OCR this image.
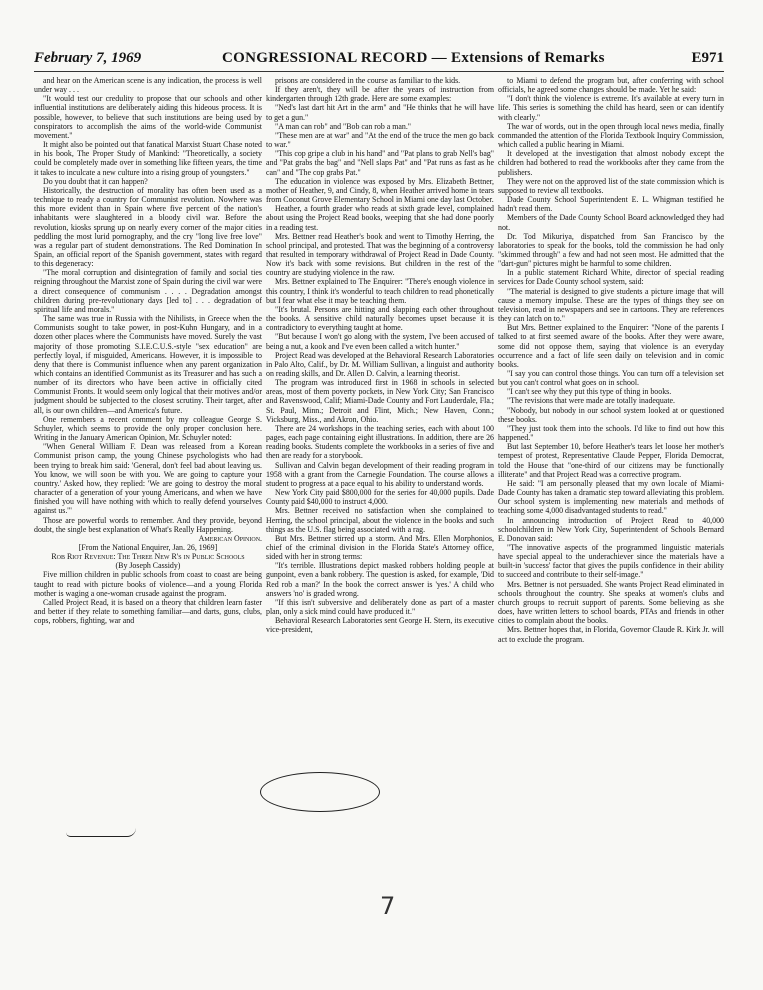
February 7, 1969	CONGRESSIONAL RECORD — Extensions of Remarks	E971

and hear on the American scene is any indication, the process is well under way . . .

"It would test our credulity to propose that our schools and other influential institutions are deliberately aiding this hideous process. It is possible, however, to believe that such institutions are being used by conspirators to accomplish the aims of the world-wide Communist movement."

It might also be pointed out that fanatical Marxist Stuart Chase noted in his book, The Proper Study of Mankind: "Theoretically, a society could be completely made over in something like fifteen years, the time it takes to inculcate a new culture into a rising group of youngsters."

Do you doubt that it can happen?

Historically, the destruction of morality has often been used as a technique to ready a country for Communist revolution. Nowhere was this more evident than in Spain where five percent of the nation's inhabitants were slaughtered in a bloody civil war. Before the revolution, kiosks sprung up on nearly every corner of the major cities peddling the most lurid pornography, and the cry "long live free love" was a regular part of student demonstrations. The Red Domination In Spain, an official report of the Spanish government, states with regard to this degeneracy:

"The moral corruption and disintegration of family and social ties reigning throughout the Marxist zone of Spain during the civil war were a direct consequence of communism . . . . Degradation amongst children during pre-revolutionary days [led to] . . . degradation of spiritual life and morals."

The same was true in Russia with the Nihilists, in Greece when the Communists sought to take power, in post-Kuhn Hungary, and in a dozen other places where the Communists have moved. Surely the vast majority of those promoting S.I.E.C.U.S.-style "sex education" are perfectly loyal, if misguided, Americans. However, it is impossible to deny that there is Communist influence when any parent organization which contains an identified Communist as its Treasurer and has such a number of its directors who have been active in officially cited Communist Fronts. It would seem only logical that their motives and/or judgment should be subjected to the closest scrutiny. Their target, after all, is our own children—and America's future.

One remembers a recent comment by my colleague George S. Schuyler, which seems to provide the only proper conclusion here. Writing in the January American Opinion, Mr. Schuyler noted:

"When General William F. Dean was released from a Korean Communist prison camp, the young Chinese psychologists who had been trying to break him said: 'General, don't feel bad about leaving us. You know, we will soon be with you. We are going to capture your country.' Asked how, they replied: 'We are going to destroy the moral character of a generation of your young Americans, and when we have finished you will have nothing with which to really defend yourselves against us.'"

Those are powerful words to remember. And they provide, beyond doubt, the single best explanation of What's Really Happening.

American Opinion.

[From the National Enquirer, Jan. 26, 1969]

Rob Riot Revenue: The Three New R's in Public Schools

(By Joseph Cassidy)

Five million children in public schools from coast to coast are being taught to read with picture books of violence—and a young Florida mother is waging a one-woman crusade against the program.

Called Project Read, it is based on a theory that children learn faster and better if they relate to something familiar—and darts, guns, clubs, cops, robbers, fighting, war and

prisons are considered in the course as familiar to the kids.

If they aren't, they will be after the years of instruction from kindergarten through 12th grade. Here are some examples:

"Ned's last dart hit Art in the arm" and "He thinks that he will have to get a gun."

"A man can rob" and "Bob can rob a man."

"These men are at war" and "At the end of the truce the men go back to war."

"This cop gripe a club in his hand" and "Pat plans to grab Nell's bag" and "Pat grabs the bag" and "Nell slaps Pat" and "Pat runs as fast as he can" and "The cop grabs Pat."

The education in violence was exposed by Mrs. Elizabeth Bettner, mother of Heather, 9, and Cindy, 8, when Heather arrived home in tears from Coconut Grove Elementary School in Miami one day last October.

Heather, a fourth grader who reads at sixth grade level, complained about using the Project Read books, weeping that she had done poorly in a reading test.

Mrs. Bettner read Heather's book and went to Timothy Herring, the school principal, and protested. That was the beginning of a controversy that resulted in temporary withdrawal of Project Read in Dade County. Now it's back with some revisions. But children in the rest of the country are studying violence in the raw.

Mrs. Bettner explained to The Enquirer: "There's enough violence in this country, I think it's wonderful to teach children to read phonetically but I fear what else it may be teaching them.

"It's brutal. Persons are hitting and slapping each other throughout the books. A sensitive child naturally becomes upset because it is contradictory to everything taught at home.

"But because I won't go along with the system, I've been accused of being a nut, a kook and I've even been called a witch hunter."

Project Read was developed at the Behavioral Research Laboratories in Palo Alto, Calif., by Dr. M. William Sullivan, a linguist and authority on reading skills, and Dr. Allen D. Calvin, a learning theorist.

The program was introduced first in 1968 in schools in selected areas, most of them poverty pockets, in New York City; San Francisco and Ravenswood, Calif; Miami-Dade County and Fort Lauderdale, Fla.; St. Paul, Minn.; Detroit and Flint, Mich.; New Haven, Conn.; Vicksburg, Miss., and Akron, Ohio.

There are 24 workshops in the teaching series, each with about 100 pages, each page containing eight illustrations. In addition, there are 26 reading books. Students complete the workbooks in a series of five and then are ready for a storybook.

Sullivan and Calvin began development of their reading program in 1958 with a grant from the Carnegie Foundation. The course allows a student to progress at a pace equal to his ability to understand words.

New York City paid $800,000 for the series for 40,000 pupils. Dade County paid $40,000 to instruct 4,000.

Mrs. Bettner received no satisfaction when she complained to Herring, the school principal, about the violence in the books and such things as the U.S. flag being associated with a rag.

But Mrs. Bettner stirred up a storm. And Mrs. Ellen Morphonios, chief of the criminal division in the Florida State's Attorney office, sided with her in strong terms:

"It's terrible. Illustrations depict masked robbers holding people at gunpoint, even a bank robbery. The question is asked, for example, 'Did Red rob a man?' In the book the correct answer is 'yes.' A child who answers 'no' is graded wrong.

"If this isn't subversive and deliberately done as part of a master plan, only a sick mind could have produced it."

Behavioral Research Laboratories sent George H. Stern, its executive vice-president,

to Miami to defend the program but, after conferring with school officials, he agreed some changes should be made. Yet he said:

"I don't think the violence is extreme. It's available at every turn in life. This series is something the child has heard, seen or can identify with clearly."

The war of words, out in the open through local news media, finally commanded the attention of the Florida Textbook Inquiry Commission, which called a public hearing in Miami.

It developed at the investigation that almost nobody except the children had bothered to read the workbooks after they came from the publishers.

They were not on the approved list of the state commission which is supposed to review all textbooks.

Dade County School Superintendent E. L. Whigman testified he hadn't read them.

Members of the Dade County School Board acknowledged they had not.

Dr. Tod Mikuriya, dispatched from San Francisco by the laboratories to speak for the books, told the commission he had only "skimmed through" a few and had not seen most. He admitted that the "dart-gun" pictures might be harmful to some children.

In a public statement Richard White, director of special reading services for Dade County school system, said:

"The material is designed to give students a picture image that will cause a memory impulse. These are the types of things they see on television, read in newspapers and see in cartoons. They are references they can latch on to."

But Mrs. Bettner explained to the Enquirer: "None of the parents I talked to at first seemed aware of the books. After they were aware, some did not oppose them, saying that violence is an everyday occurrence and a fact of life seen daily on television and in comic books.

"I say you can control those things. You can turn off a television set but you can't control what goes on in school.

"I can't see why they put this type of thing in books.

"The revisions that were made are totally inadequate.

"Nobody, but nobody in our school system looked at or questioned these books.

"They just took them into the schools. I'd like to find out how this happened."

But last September 10, before Heather's tears let loose her mother's tempest of protest, Representative Claude Pepper, Florida Democrat, told the House that "one-third of our citizens may be functionally illiterate" and that Project Read was a corrective program.

He said: "I am personally pleased that my own locale of Miami-Dade County has taken a dramatic step toward alleviating this problem. Our school system is implementing new materials and methods of teaching some 4,000 disadvantaged students to read."

In announcing introduction of Project Read to 40,000 schoolchildren in New York City, Superintendent of Schools Bernard E. Donovan said:

"The innovative aspects of the programmed linguistic materials have special appeal to the underachiever since the materials have a built-in 'success' factor that gives the pupils confidence in their ability to succeed and contribute to their self-image."

Mrs. Bettner is not persuaded. She wants Project Read eliminated in schools throughout the country. She speaks at women's clubs and church groups to recruit support of parents. Some believing as she does, have written letters to school boards, PTAs and friends in other cities to complain about the books.

Mrs. Bettner hopes that, in Florida, Governor Claude R. Kirk Jr. will act to exclude the program.

7
